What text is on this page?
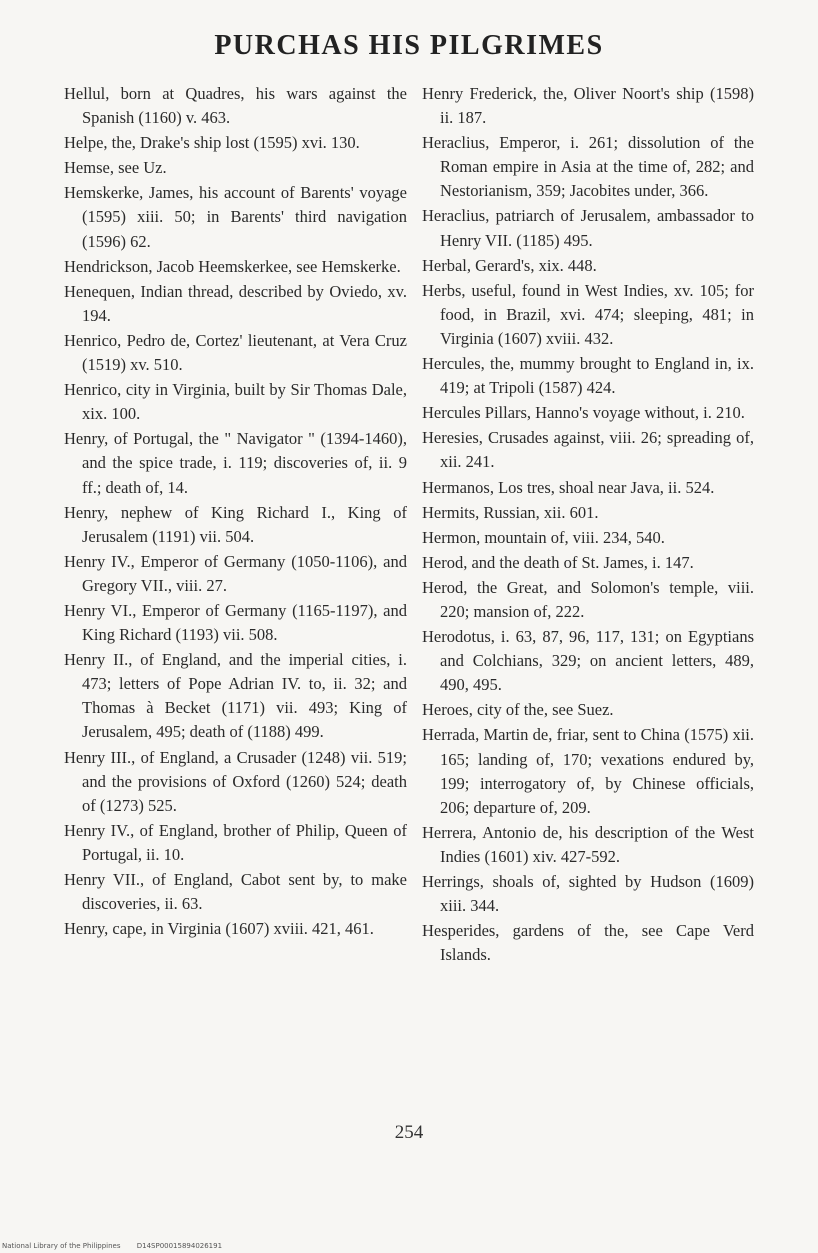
PURCHAS HIS PILGRIMES

Hellul, born at Quadres, his wars against the Spanish (1160) v. 463.

Helpe, the, Drake's ship lost (1595) xvi. 130.

Hemse, see Uz.

Hemskerke, James, his account of Barents' voyage (1595) xiii. 50; in Barents' third navigation (1596) 62.

Hendrickson, Jacob Heemskerkee, see Hemskerke.

Henequen, Indian thread, described by Oviedo, xv. 194.

Henrico, Pedro de, Cortez' lieutenant, at Vera Cruz (1519) xv. 510.

Henrico, city in Virginia, built by Sir Thomas Dale, xix. 100.

Henry, of Portugal, the " Navigator " (1394-1460), and the spice trade, i. 119; discoveries of, ii. 9 ff.; death of, 14.

Henry, nephew of King Richard I., King of Jerusalem (1191) vii. 504.

Henry IV., Emperor of Germany (1050-1106), and Gregory VII., viii. 27.

Henry VI., Emperor of Germany (1165-1197), and King Richard (1193) vii. 508.

Henry II., of England, and the imperial cities, i. 473; letters of Pope Adrian IV. to, ii. 32; and Thomas à Becket (1171) vii. 493; King of Jerusalem, 495; death of (1188) 499.

Henry III., of England, a Crusader (1248) vii. 519; and the provisions of Oxford (1260) 524; death of (1273) 525.

Henry IV., of England, brother of Philip, Queen of Portugal, ii. 10.

Henry VII., of England, Cabot sent by, to make discoveries, ii. 63.

Henry, cape, in Virginia (1607) xviii. 421, 461.

Henry Frederick, the, Oliver Noort's ship (1598) ii. 187.

Heraclius, Emperor, i. 261; dissolution of the Roman empire in Asia at the time of, 282; and Nestorianism, 359; Jacobites under, 366.

Heraclius, patriarch of Jerusalem, ambassador to Henry VII. (1185) 495.

Herbal, Gerard's, xix. 448.

Herbs, useful, found in West Indies, xv. 105; for food, in Brazil, xvi. 474; sleeping, 481; in Virginia (1607) xviii. 432.

Hercules, the, mummy brought to England in, ix. 419; at Tripoli (1587) 424.

Hercules Pillars, Hanno's voyage without, i. 210.

Heresies, Crusades against, viii. 26; spreading of, xii. 241.

Hermanos, Los tres, shoal near Java, ii. 524.

Hermits, Russian, xii. 601.

Hermon, mountain of, viii. 234, 540.

Herod, and the death of St. James, i. 147.

Herod, the Great, and Solomon's temple, viii. 220; mansion of, 222.

Herodotus, i. 63, 87, 96, 117, 131; on Egyptians and Colchians, 329; on ancient letters, 489, 490, 495.

Heroes, city of the, see Suez.

Herrada, Martin de, friar, sent to China (1575) xii. 165; landing of, 170; vexations endured by, 199; interrogatory of, by Chinese officials, 206; departure of, 209.

Herrera, Antonio de, his description of the West Indies (1601) xiv. 427-592.

Herrings, shoals of, sighted by Hudson (1609) xiii. 344.

Hesperides, gardens of the, see Cape Verd Islands.

254
National Library of the Philippines D14SP00015894026191
